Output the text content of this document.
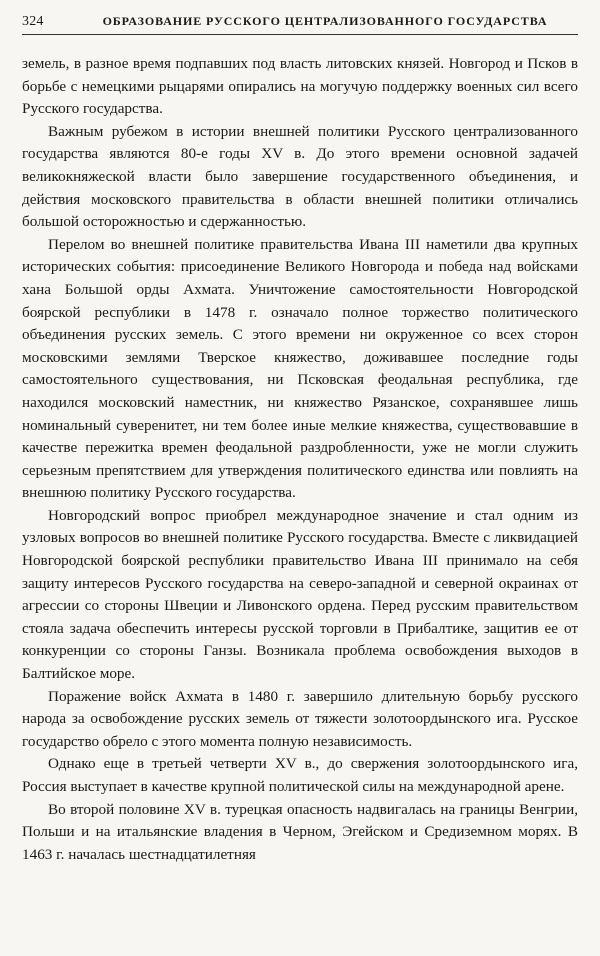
324	ОБРАЗОВАНИЕ РУССКОГО ЦЕНТРАЛИЗОВАННОГО ГОСУДАРСТВА

земель, в разное время подпавших под власть литовских князей. Новгород и Псков в борьбе с немецкими рыцарями опирались на могучую поддержку военных сил всего Русского государства.

Важным рубежом в истории внешней политики Русского централизованного государства являются 80-е годы XV в. До этого времени основной задачей великокняжеской власти было завершение государственного объединения, и действия московского правительства в области внешней политики отличались большой осторожностью и сдержанностью.

Перелом во внешней политике правительства Ивана III наметили два крупных исторических события: присоединение Великого Новгорода и победа над войсками хана Большой орды Ахмата. Уничтожение самостоятельности Новгородской боярской республики в 1478 г. означало полное торжество политического объединения русских земель. С этого времени ни окруженное со всех сторон московскими землями Тверское княжество, доживавшее последние годы самостоятельного существования, ни Псковская феодальная республика, где находился московский наместник, ни княжество Рязанское, сохранявшее лишь номинальный суверенитет, ни тем более иные мелкие княжества, существовавшие в качестве пережитка времен феодальной раздробленности, уже не могли служить серьезным препятствием для утверждения политического единства или повлиять на внешнюю политику Русского государства.

Новгородский вопрос приобрел международное значение и стал одним из узловых вопросов во внешней политике Русского государства. Вместе с ликвидацией Новгородской боярской республики правительство Ивана III принимало на себя защиту интересов Русского государства на северо-западной и северной окраинах от агрессии со стороны Швеции и Ливонского ордена. Перед русским правительством стояла задача обеспечить интересы русской торговли в Прибалтике, защитив ее от конкуренции со стороны Ганзы. Возникала проблема освобождения выходов в Балтийское море.

Поражение войск Ахмата в 1480 г. завершило длительную борьбу русского народа за освобождение русских земель от тяжести золотоордынского ига. Русское государство обрело с этого момента полную независимость.

Однако еще в третьей четверти XV в., до свержения золотоордынского ига, Россия выступает в качестве крупной политической силы на международной арене.

Во второй половине XV в. турецкая опасность надвигалась на границы Венгрии, Польши и на итальянские владения в Черном, Эгейском и Средиземном морях. В 1463 г. началась шестнадцатилетняя
